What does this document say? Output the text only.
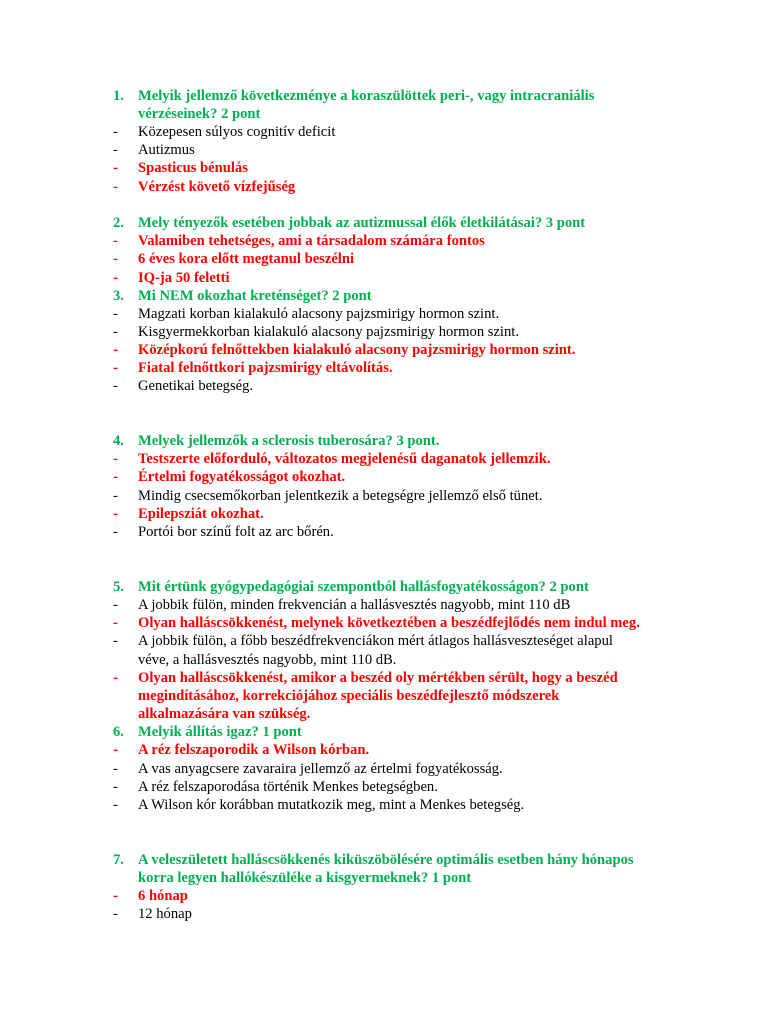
1. Melyik jellemző következménye a koraszülöttek peri-, vagy intracraniális
vérzéseinek? 2 pont
- Közepesen súlyos cognitív deficit
- Autizmus
- Spasticus bénulás
- Vérzést követő vízfejűség
2. Mely tényezők esetében jobbak az autizmussal élők életkilátásai? 3 pont
- Valamiben tehetséges, ami a társadalom számára fontos
- 6 éves kora előtt megtanul beszélni
- IQ-ja 50 feletti
3. Mi NEM okozhat kreténséget? 2 pont
- Magzati korban kialakuló alacsony pajzsmirigy hormon szint.
- Kisgyermekkorban kialakuló alacsony pajzsmirigy hormon szint.
- Középkorú felnőttekben kialakuló alacsony pajzsmirigy hormon szint.
- Fiatal felnőttkori pajzsmirigy eltávolítás.
- Genetikai betegség.
4. Melyek jellemzők a sclerosis tuberosára? 3 pont.
- Testszerte előforduló, változatos megjelenésű daganatok jellemzik.
- Értelmi fogyatékosságot okozhat.
- Mindig csecsemőkorban jelentkezik a betegségre jellemző első tünet.
- Epilepsziát okozhat.
- Portói bor színű folt az arc bőrén.
5. Mit értünk gyógypedagógiai szempontból hallásfogyatékosságon? 2 pont
- A jobbik fülön, minden frekvencián a hallásvesztés nagyobb, mint 110 dB
- Olyan halláscsökkenést, melynek következtében a beszédfejlődés nem indul meg.
- A jobbik fülön, a főbb beszédfrekvenciákon mért átlagos hallásveszteséget alapul
véve, a hallásvesztés nagyobb, mint 110 dB.
- Olyan halláscsökkenést, amikor a beszéd oly mértékben sérült, hogy a beszéd
megindításához, korrekciójához speciális beszédfejlesztő módszerek
alkalmazására van szükség.
6. Melyik állítás igaz? 1 pont
- A réz felszaporodik a Wilson kórban.
- A vas anyagcsere zavaraira jellemző az értelmi fogyatékosság.
- A réz felszaporodása történik Menkes betegségben.
- A Wilson kór korábban mutatkozik meg, mint a Menkes betegség.
7. A veleszületett halláscsökkenés kiküszöbölésére optimális esetben hány hónapos
korra legyen hallókészüléke a kisgyermeknek? 1 pont
- 6 hónap
- 12 hónap
